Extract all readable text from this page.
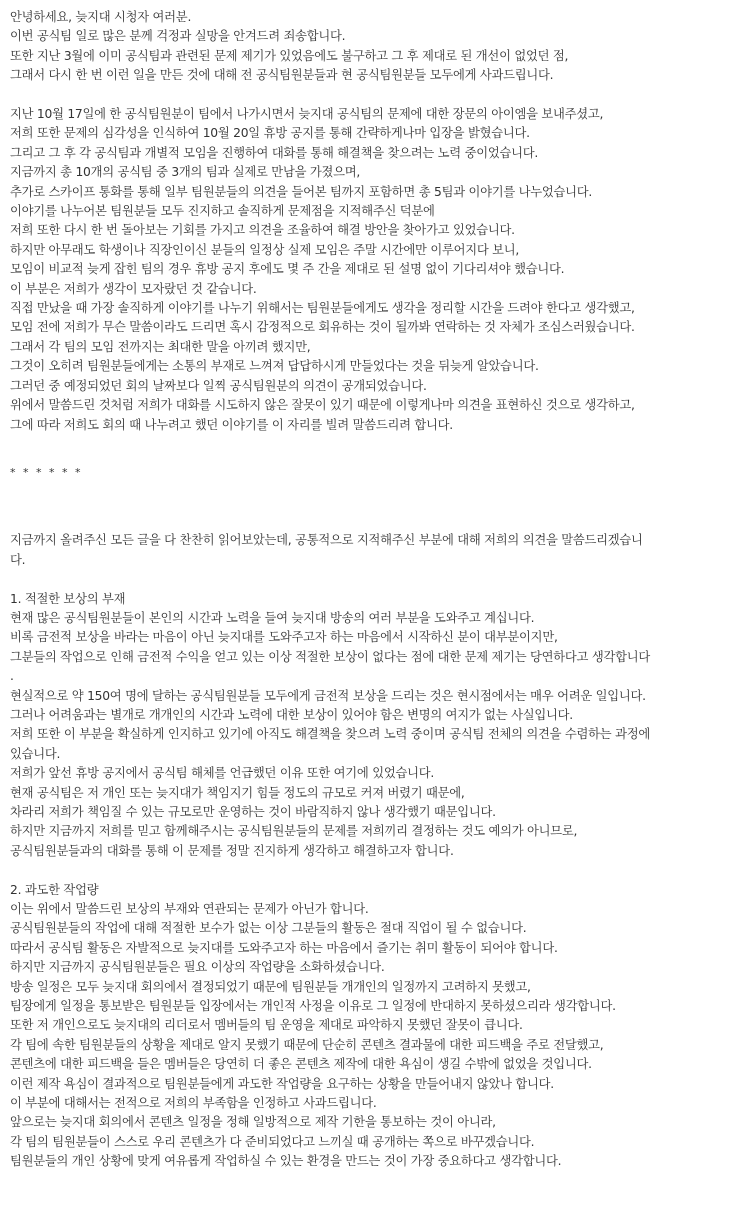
안녕하세요, 늦지대 시청자 여러분.
이번 공식팀 일로 많은 분께 걱정과 실망을 안겨드려 죄송합니다.
또한 지난 3월에 이미 공식팀과 관련된 문제 제기가 있었음에도 불구하고 그 후 제대로 된 개선이 없었던 점,
그래서 다시 한 번 이런 일을 만든 것에 대해 전 공식팀원분들과 현 공식팀원분들 모두에게 사과드립니다.
지난 10월 17일에 한 공식팀원분이 팀에서 나가시면서 늦지대 공식팀의 문제에 대한 장문의 아이엠을 보내주셨고,
저희 또한 문제의 심각성을 인식하여 10월 20일 휴방 공지를 통해 간략하게나마 입장을 밝혔습니다.
그리고 그 후 각 공식팀과 개별적 모임을 진행하여 대화를 통해 해결책을 찾으려는 노력 중이었습니다.
지금까지 총 10개의 공식팀 중 3개의 팀과 실제로 만남을 가졌으며,
추가로 스카이프 통화를 통해 일부 팀원분들의 의견을 들어본 팀까지 포함하면 총 5팀과 이야기를 나누었습니다.
이야기를 나누어본 팀원분들 모두 진지하고 솔직하게 문제점을 지적해주신 덕분에
저희 또한 다시 한 번 돌아보는 기회를 가지고 의견을 조율하여 해결 방안을 찾아가고 있었습니다.
하지만 아무래도 학생이나 직장인이신 분들의 일정상 실제 모임은 주말 시간에만 이루어지다 보니,
모임이 비교적 늦게 잡힌 팀의 경우 휴방 공지 후에도 몇 주 간을 제대로 된 설명 없이 기다리셔야 했습니다.
이 부분은 저희가 생각이 모자랐던 것 같습니다.
직접 만났을 때 가장 솔직하게 이야기를 나누기 위해서는 팀원분들에게도 생각을 정리할 시간을 드려야 한다고 생각했고,
모임 전에 저희가 무슨 말씀이라도 드리면 혹시 감정적으로 회유하는 것이 될까봐 연락하는 것 자체가 조심스러웠습니다.
그래서 각 팀의 모임 전까지는 최대한 말을 아끼려 했지만,
그것이 오히려 팀원분들에게는 소통의 부재로 느껴져 답답하시게 만들었다는 것을 뒤늦게 알았습니다.
그러던 중 예정되었던 회의 날짜보다 일찍 공식팀원분의 의견이 공개되었습니다.
위에서 말씀드린 것처럼 저희가 대화를 시도하지 않은 잘못이 있기 때문에 이렇게나마 의견을 표현하신 것으로 생각하고,
그에 따라 저희도 회의 때 나누려고 했던 이야기를 이 자리를 빌려 말씀드리려 합니다.
* * * * * *
지금까지 올려주신 모든 글을 다 찬찬히 읽어보았는데, 공통적으로 지적해주신 부분에 대해 저희의 의견을 말씀드리겠습니
다.
1. 적절한 보상의 부재
현재 많은 공식팀원분들이 본인의 시간과 노력을 들여 늦지대 방송의 여러 부분을 도와주고 계십니다.
비록 금전적 보상을 바라는 마음이 아닌 늦지대를 도와주고자 하는 마음에서 시작하신 분이 대부분이지만,
그분들의 작업으로 인해 금전적 수익을 얻고 있는 이상 적절한 보상이 없다는 점에 대한 문제 제기는 당연하다고 생각합니다
.
현실적으로 약 150여 명에 달하는 공식팀원분들 모두에게 금전적 보상을 드리는 것은 현시점에서는 매우 어려운 일입니다.
그러나 어려움과는 별개로 개개인의 시간과 노력에 대한 보상이 있어야 함은 변명의 여지가 없는 사실입니다.
저희 또한 이 부분을 확실하게 인지하고 있기에 아직도 해결책을 찾으려 노력 중이며 공식팀 전체의 의견을 수렴하는 과정에
있습니다.
저희가 앞선 휴방 공지에서 공식팀 해체를 언급했던 이유 또한 여기에 있었습니다.
현재 공식팀은 저 개인 또는 늦지대가 책임지기 힘들 정도의 규모로 커져 버렸기 때문에,
차라리 저희가 책임질 수 있는 규모로만 운영하는 것이 바람직하지 않나 생각했기 때문입니다.
하지만 지금까지 저희를 믿고 함께해주시는 공식팀원분들의 문제를 저희끼리 결정하는 것도 예의가 아니므로,
공식팀원분들과의 대화를 통해 이 문제를 정말 진지하게 생각하고 해결하고자 합니다.
2. 과도한 작업량
이는 위에서 말씀드린 보상의 부재와 연관되는 문제가 아닌가 합니다.
공식팀원분들의 작업에 대해 적절한 보수가 없는 이상 그분들의 활동은 절대 직업이 될 수 없습니다.
따라서 공식팀 활동은 자발적으로 늦지대를 도와주고자 하는 마음에서 즐기는 취미 활동이 되어야 합니다.
하지만 지금까지 공식팀원분들은 필요 이상의 작업량을 소화하셨습니다.
방송 일정은 모두 늦지대 회의에서 결정되었기 때문에 팀원분들 개개인의 일정까지 고려하지 못했고,
팀장에게 일정을 통보받은 팀원분들 입장에서는 개인적 사정을 이유로 그 일정에 반대하지 못하셨으리라 생각합니다.
또한 저 개인으로도 늦지대의 리더로서 멤버들의 팀 운영을 제대로 파악하지 못했던 잘못이 큽니다.
각 팀에 속한 팀원분들의 상황을 제대로 알지 못했기 때문에 단순히 콘텐츠 결과물에 대한 피드백을 주로 전달했고,
콘텐츠에 대한 피드백을 들은 멤버들은 당연히 더 좋은 콘텐츠 제작에 대한 욕심이 생길 수밖에 없었을 것입니다.
이런 제작 욕심이 결과적으로 팀원분들에게 과도한 작업량을 요구하는 상황을 만들어내지 않았나 합니다.
이 부분에 대해서는 전적으로 저희의 부족함을 인정하고 사과드립니다.
앞으로는 늦지대 회의에서 콘텐츠 일정을 정해 일방적으로 제작 기한을 통보하는 것이 아니라,
각 팀의 팀원분들이 스스로 우리 콘텐츠가 다 준비되었다고 느끼실 때 공개하는 쪽으로 바꾸겠습니다.
팀원분들의 개인 상황에 맞게 여유롭게 작업하실 수 있는 환경을 만드는 것이 가장 중요하다고 생각합니다.
